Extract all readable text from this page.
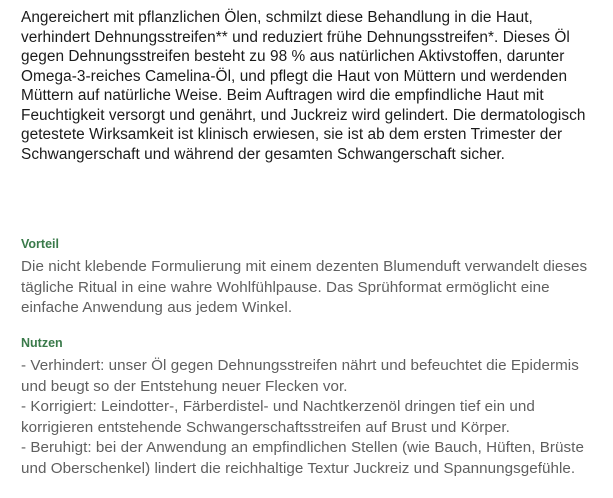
Angereichert mit pflanzlichen Ölen, schmilzt diese Behandlung in die Haut, verhindert Dehnungsstreifen** und reduziert frühe Dehnungsstreifen*. Dieses Öl gegen Dehnungsstreifen besteht zu 98 % aus natürlichen Aktivstoffen, darunter Omega-3-reiches Camelina-Öl, und pflegt die Haut von Müttern und werdenden Müttern auf natürliche Weise. Beim Auftragen wird die empfindliche Haut mit Feuchtigkeit versorgt und genährt, und Juckreiz wird gelindert. Die dermatologisch getestete Wirksamkeit ist klinisch erwiesen, sie ist ab dem ersten Trimester der Schwangerschaft und während der gesamten Schwangerschaft sicher.

Vorteil

Die nicht klebende Formulierung mit einem dezenten Blumenduft verwandelt dieses tägliche Ritual in eine wahre Wohlfühlpause. Das Sprühformat ermöglicht eine einfache Anwendung aus jedem Winkel.

Nutzen

- Verhindert: unser Öl gegen Dehnungsstreifen nährt und befeuchtet die Epidermis und beugt so der Entstehung neuer Flecken vor.

- Korrigiert: Leindotter-, Färberdistel- und Nachtkerzenöl dringen tief ein und korrigieren entstehende Schwangerschaftsstreifen auf Brust und Körper.

- Beruhigt: bei der Anwendung an empfindlichen Stellen (wie Bauch, Hüften, Brüste und Oberschenkel) lindert die reichhaltige Textur Juckreiz und Spannungsgefühle.
